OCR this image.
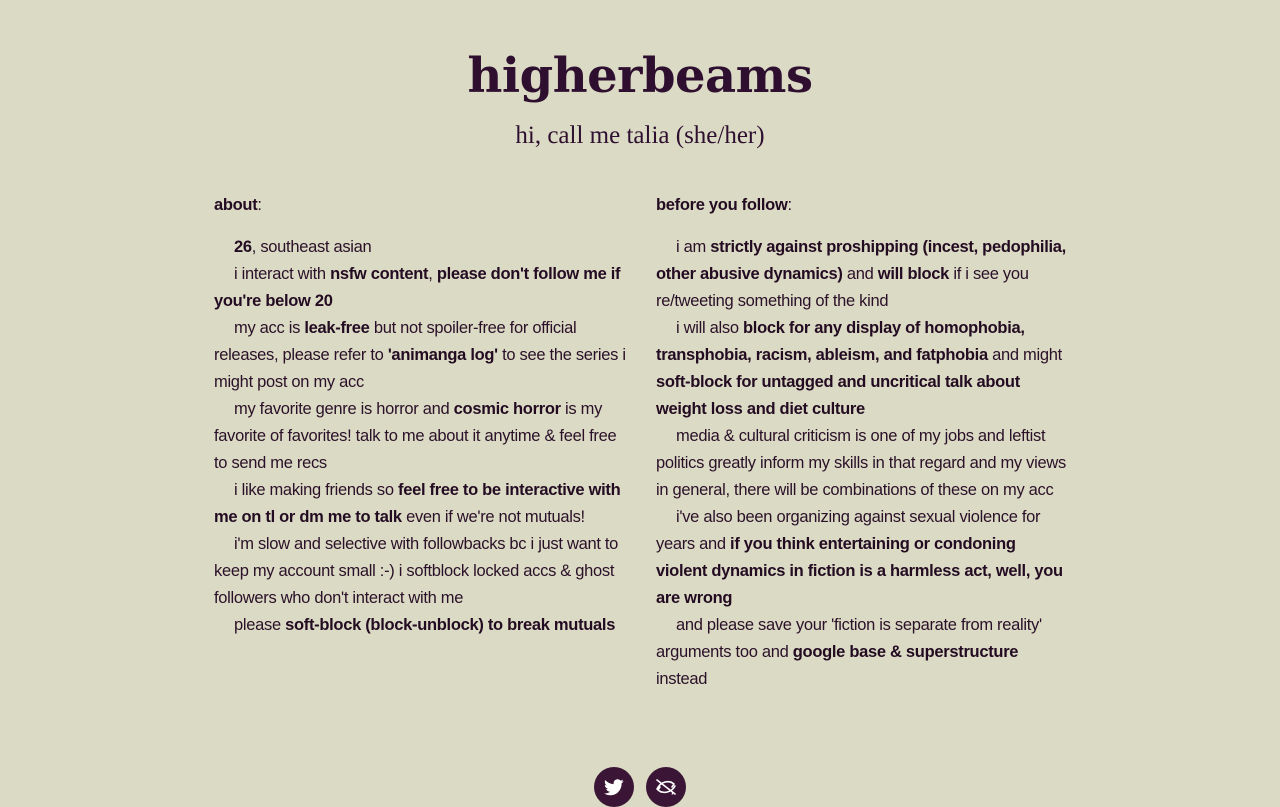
higherbeams

hi, call me talia (she/her)

about:

26, southeast asian

i interact with nsfw content, please don't follow me if you're below 20

my acc is leak-free but not spoiler-free for official releases, please refer to 'animanga log' to see the series i might post on my acc

my favorite genre is horror and cosmic horror is my favorite of favorites! talk to me about it anytime & feel free to send me recs

i like making friends so feel free to be interactive with me on tl or dm me to talk even if we're not mutuals!

i'm slow and selective with followbacks bc i just want to keep my account small :-) i softblock locked accs & ghost followers who don't interact with me

please soft-block (block-unblock) to break mutuals

before you follow:

i am strictly against proshipping (incest, pedophilia, other abusive dynamics) and will block if i see you re/tweeting something of the kind

i will also block for any display of homophobia, transphobia, racism, ableism, and fatphobia and might soft-block for untagged and uncritical talk about weight loss and diet culture

media & cultural criticism is one of my jobs and leftist politics greatly inform my skills in that regard and my views in general, there will be combinations of these on my acc

i've also been organizing against sexual violence for years and if you think entertaining or condoning violent dynamics in fiction is a harmless act, well, you are wrong

and please save your 'fiction is separate from reality' arguments too and google base & superstructure instead
